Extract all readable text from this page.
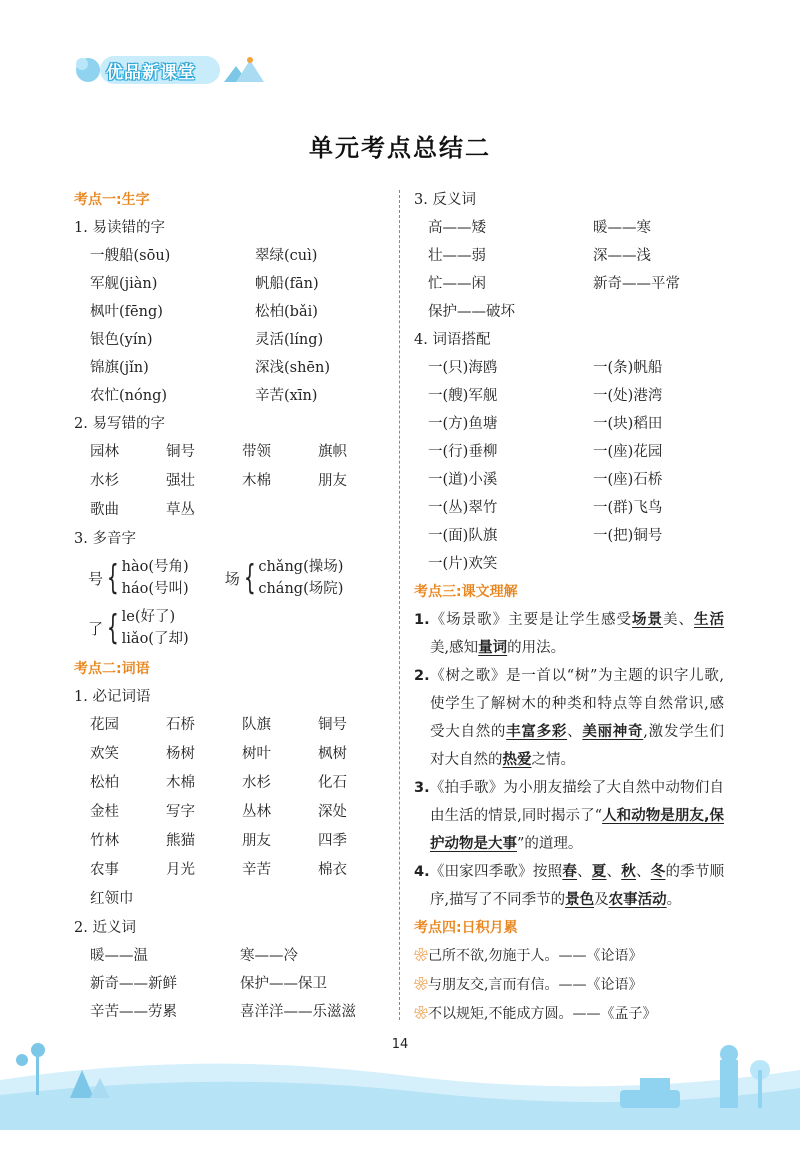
优品新课堂
单元考点总结二
考点一:生字
1. 易读错的字
一艘船(sōu)	翠绿(cuì)
军舰(jiàn)	帆船(fān)
枫叶(fēng)	松柏(bǎi)
银色(yín)	灵活(líng)
锦旗(jǐn)	深浅(shēn)
农忙(nóng)	辛苦(xīn)
2. 易写错的字
园林	铜号	带领	旗帜
水杉	强壮	木棉	朋友
歌曲	草丛
3. 多音字
号 { hào(号角)
háo(号叫)
场 { chǎng(操场)
cháng(场院)
了 { le(好了)
liǎo(了却)
考点二:词语
1. 必记词语
花园	石桥	队旗	铜号
欢笑	杨树	树叶	枫树
松柏	木棉	水杉	化石
金桂	写字	丛林	深处
竹林	熊猫	朋友	四季
农事	月光	辛苦	棉衣
红领巾
2. 近义词
暖——温	寒——冷
新奇——新鲜	保护——保卫
辛苦——劳累	喜洋洋——乐滋滋
3. 反义词
高——矮	暖——寒
壮——弱	深——浅
忙——闲	新奇——平常
保护——破坏
4. 词语搭配
一(只)海鸥	一(条)帆船
一(艘)军舰	一(处)港湾
一(方)鱼塘	一(块)稻田
一(行)垂柳	一(座)花园
一(道)小溪	一(座)石桥
一(丛)翠竹	一(群)飞鸟
一(面)队旗	一(把)铜号
一(片)欢笑
考点三:课文理解
1.《场景歌》主要是让学生感受场景美、生活美,感知量词的用法。
2.《树之歌》是一首以“树”为主题的识字儿歌,使学生了解树木的种类和特点等自然常识,感受大自然的丰富多彩、美丽神奇,激发学生们对大自然的热爱之情。
3.《拍手歌》为小朋友描绘了大自然中动物们自由生活的情景,同时揭示了“人和动物是朋友,保护动物是大事”的道理。
4.《田家四季歌》按照春、夏、秋、冬的季节顺序,描写了不同季节的景色及农事活动。
考点四:日积月累
❀己所不欲,勿施于人。——《论语》
❀与朋友交,言而有信。——《论语》
❀不以规矩,不能成方圆。——《孟子》
14
